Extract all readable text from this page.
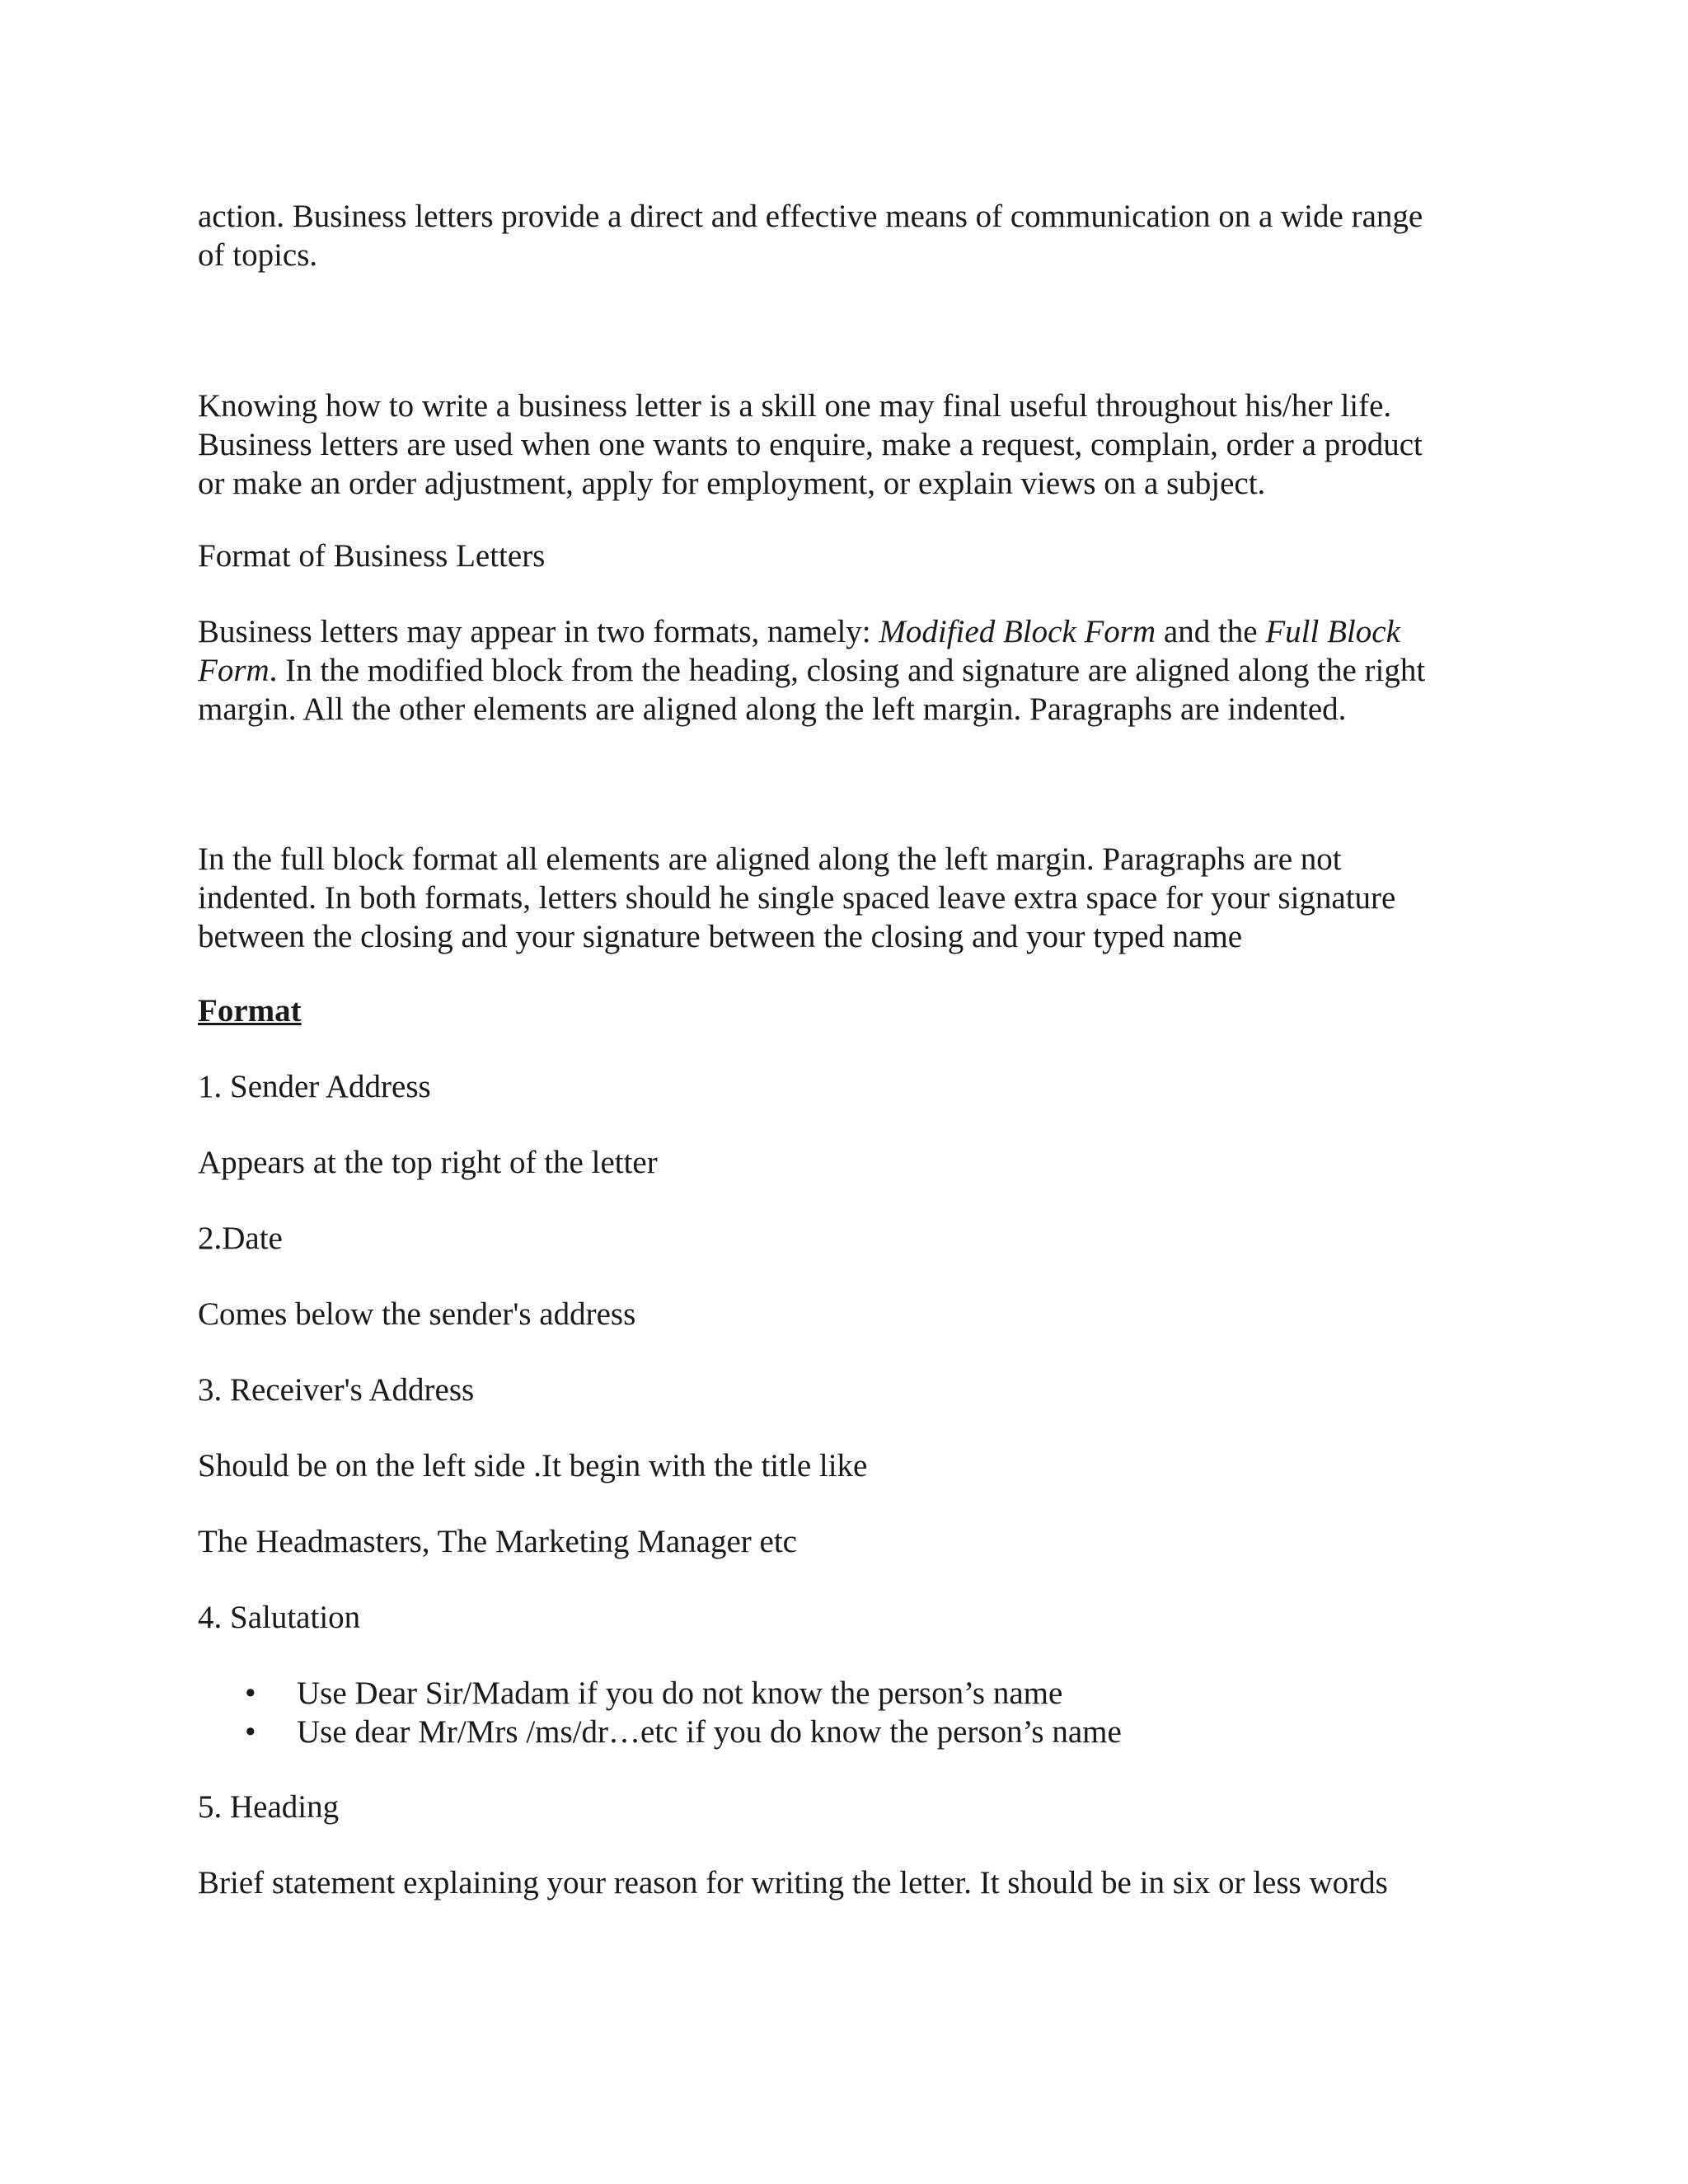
action. Business letters provide a direct and effective means of communication on a wide range of topics.

Knowing how to write a business letter is a skill one may final useful throughout his/her life. Business letters are used when one wants to enquire, make a request, complain, order a product or make an order adjustment, apply for employment, or explain views on a subject.

Format of Business Letters

Business letters may appear in two formats, namely: Modified Block Form and the Full Block Form. In the modified block from the heading, closing and signature are aligned along the right margin. All the other elements are aligned along the left margin. Paragraphs are indented.

In the full block format all elements are aligned along the left margin. Paragraphs are not indented. In both formats, letters should he single spaced leave extra space for your signature between the closing and your signature between the closing and your typed name

Format

1. Sender Address

Appears at the top right of the letter

2.Date

Comes below the sender's address

3. Receiver's Address

Should be on the left side .It begin with the title like

The Headmasters, The Marketing Manager etc

4. Salutation

• Use Dear Sir/Madam if you do not know the person’s name
• Use dear Mr/Mrs /ms/dr…etc if you do know the person’s name

5. Heading

Brief statement explaining your reason for writing the letter. It should be in six or less words
